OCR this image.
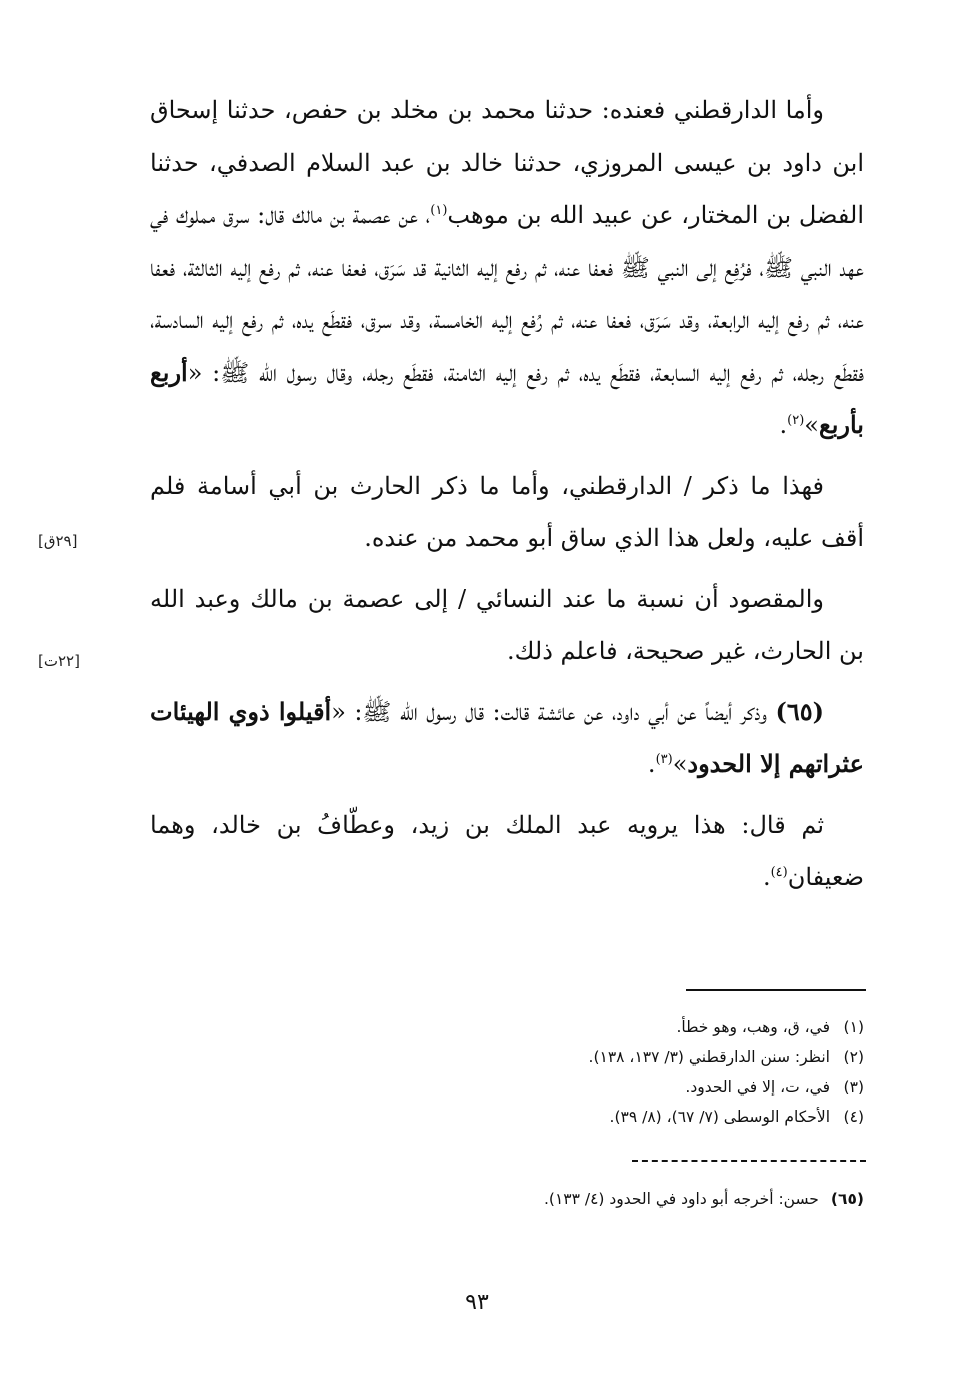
وأما الدارقطني فعنده: حدثنا محمد بن مخلد بن حفص، حدثنا إسحاق ابن داود بن عيسى المروزي، حدثنا خالد بن عبد السلام الصدفي، حدثنا الفضل بن المختار، عن عبيد الله بن موهب$^{(١)}$، عن عصمة بن مالك قال: سرق مملوك في عهد النبي ﷺ، فرُفِع إلى النبي ﷺ فعفا عنه، ثم رفع إليه الثانية قد سَرَق، فعفا عنه، ثم رفع إليه الثالثة، فعفا عنه، ثم رفع إليه الرابعة، وقد سَرَق، فعفا عنه، ثم رُفع إليه الخامسة، وقد سرق، فقطَع يده، ثم رفع إليه السادسة، فقطَع رجله، ثم رفع إليه السابعة، فقطَع يده، ثم رفع إليه الثامنة، فقطَع رجله، وقال رسول الله ﷺ: «أربع بأربع»$^{(٢)}$.

فهذا ما ذكر / الدارقطني، وأما ما ذكر الحارث بن أبي أسامة فلم أقف عليه، ولعل هذا الذي ساق أبو محمد من عنده.

والمقصود أن نسبة ما عند النسائي / إلى عصمة بن مالك وعبد الله بن الحارث، غير صحيحة، فاعلم ذلك.

(٦٥) وذكر أيضاً عن أبي داود، عن عائشة قالت: قال رسول الله ﷺ: «أقيلوا ذوي الهيئات عثراتهم إلا الحدود»$^{(٣)}$.

ثم قال: هذا يرويه عبد الملك بن زيد، وعطّافُ بن خالد، وهما ضعيفان$^{(٤)}$.

[٢٩ق]
[٢٢ت]

(١)في، ق، وهب، وهو خطأ.

(٢)انظر: سنن الدارقطني (٣/ ١٣٧، ١٣٨).

(٣)في، ت، إلا في الحدود.

(٤)الأحكام الوسطى (٧/ ٦٧)، (٨/ ٣٩).

(٦٥)حسن: أخرجه أبو داود في الحدود (٤/ ١٣٣).
٩٣
